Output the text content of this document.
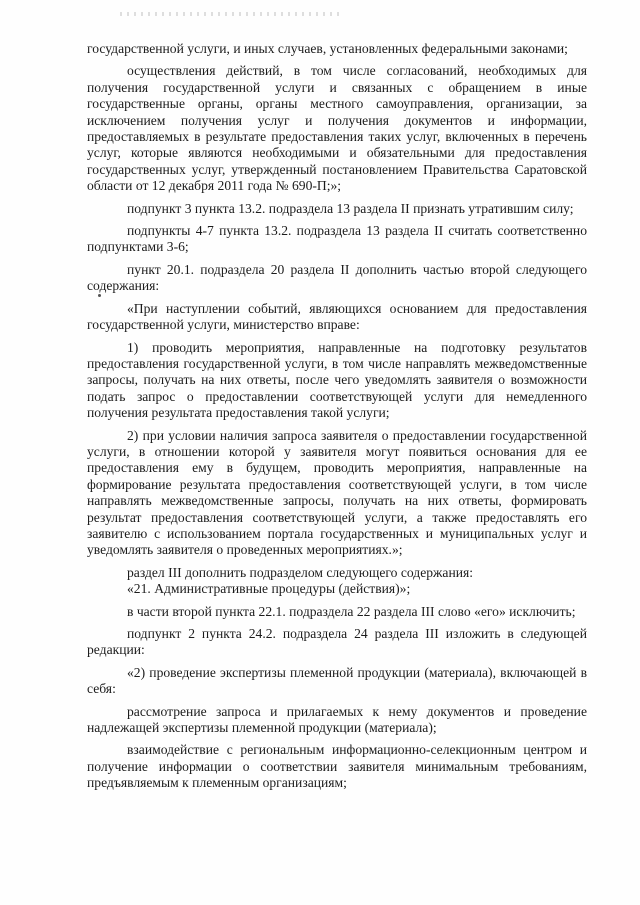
государственной услуги, и иных случаев, установленных федеральными законами;

осуществления действий, в том числе согласований, необходимых для получения государственной услуги и связанных с обращением в иные государственные органы, органы местного самоуправления, организации, за исключением получения услуг и получения документов и информации, предоставляемых в результате предоставления таких услуг, включенных в перечень услуг, которые являются необходимыми и обязательными для предоставления государственных услуг, утвержденный постановлением Правительства Саратовской области от 12 декабря 2011 года № 690-П;»;

подпункт 3 пункта 13.2. подраздела 13 раздела II признать утратившим силу;

подпункты 4-7 пункта 13.2. подраздела 13 раздела II считать соответственно подпунктами 3-6;

пункт 20.1. подраздела 20 раздела II дополнить частью второй следующего содержания:

«При наступлении событий, являющихся основанием для предоставления государственной услуги, министерство вправе:

1) проводить мероприятия, направленные на подготовку результатов предоставления государственной услуги, в том числе направлять межведомственные запросы, получать на них ответы, после чего уведомлять заявителя о возможности подать запрос о предоставлении соответствующей услуги для немедленного получения результата предоставления такой услуги;

2) при условии наличия запроса заявителя о предоставлении государственной услуги, в отношении которой у заявителя могут появиться основания для ее предоставления ему в будущем, проводить мероприятия, направленные на формирование результата предоставления соответствующей услуги, в том числе направлять межведомственные запросы, получать на них ответы, формировать результат предоставления соответствующей услуги, а также предоставлять его заявителю с использованием портала государственных и муниципальных услуг и уведомлять заявителя о проведенных мероприятиях.»;

раздел III дополнить подразделом следующего содержания:

«21. Административные процедуры (действия)»;

в части второй пункта 22.1. подраздела 22 раздела III слово «его» исключить;

подпункт 2 пункта 24.2. подраздела 24 раздела III изложить в следующей редакции:

«2) проведение экспертизы племенной продукции (материала), включающей в себя:

рассмотрение запроса и прилагаемых к нему документов и проведение надлежащей экспертизы племенной продукции (материала);

взаимодействие с региональным информационно-селекционным центром и получение информации о соответствии заявителя минимальным требованиям, предъявляемым к племенным организациям;
